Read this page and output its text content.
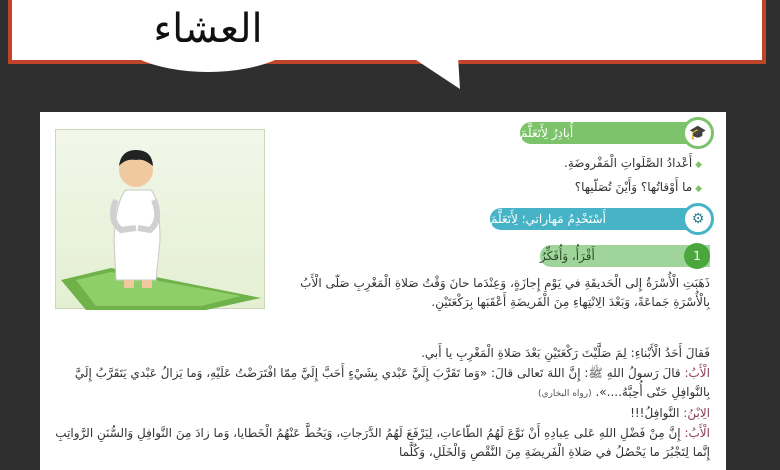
العشاء
أُبادِرُ لِأَتَعَلَّمَ	🎓
◆ أَعْدادُ الصَّلَواتِ الْمَفْروضَةِ.
◆ ما أَوْقاتُها؟ وَأَيْنَ تُصَلّيها؟
أَسْتَخْدِمُ مَهاراتي؛ لِأَتَعَلَّمَ	⚙
أَقْرَأُ، وَأُفَكِّرُ	1
ذَهَبَتِ الْأُسْرَةُ إِلى الْحَديقَةِ في يَوْمِ إِجازَةٍ، وَعِنْدَما حانَ وَقْتُ صَلاةِ الْمَغْرِبِ صَلّى الْأَبُ بِالْأُسْرَةِ جَماعَةً، وَبَعْدَ الِانْتِهاءِ مِنَ الْفَريضَةِ أَعْقَبَها بِرَكْعَتَيْنِ.
فَقالَ أَحَدُ الْأَبْناءِ: لِمَ صَلَّيْتَ رَكْعَتَيْنِ بَعْدَ صَلاةِ الْمَغْرِبِ يا أَبي.
الْأَبُ: قالَ رَسولُ اللهِ ﷺ: إِنَّ اللهَ تَعالى قالَ: «وَما تَقَرَّبَ إِلَيَّ عَبْدي بِشَيْءٍ أَحَبَّ إِلَيَّ مِمّا افْتَرَضْتُ عَلَيْهِ، وَما يَزالُ عَبْدي يَتَقَرَّبُ إِلَيَّ بِالنَّوافِلِ حَتّى أُحِبَّهُ....». (رواه البخاري)
الِابْنُ: النَّوافِلُ!!!
الْأَبُ: إِنَّ مِنْ فَضْلِ اللهِ عَلى عِبادِهِ أَنْ نَوَّعَ لَهُمُ الطّاعاتِ، لِيَرْفَعَ لَهُمُ الدَّرَجاتِ، وَيَحُطَّ عَنْهُمُ الْخَطايا، وَما زادَ مِنَ النَّوافِلِ وَالسُّنَنِ الرَّواتِبِ إِنَّما لِتَجْبُرَ ما يَحْصُلُ في صَلاةِ الْفَريضَةِ مِنَ النَّقْصِ وَالْخَلَلِ، وَكُلَّما
